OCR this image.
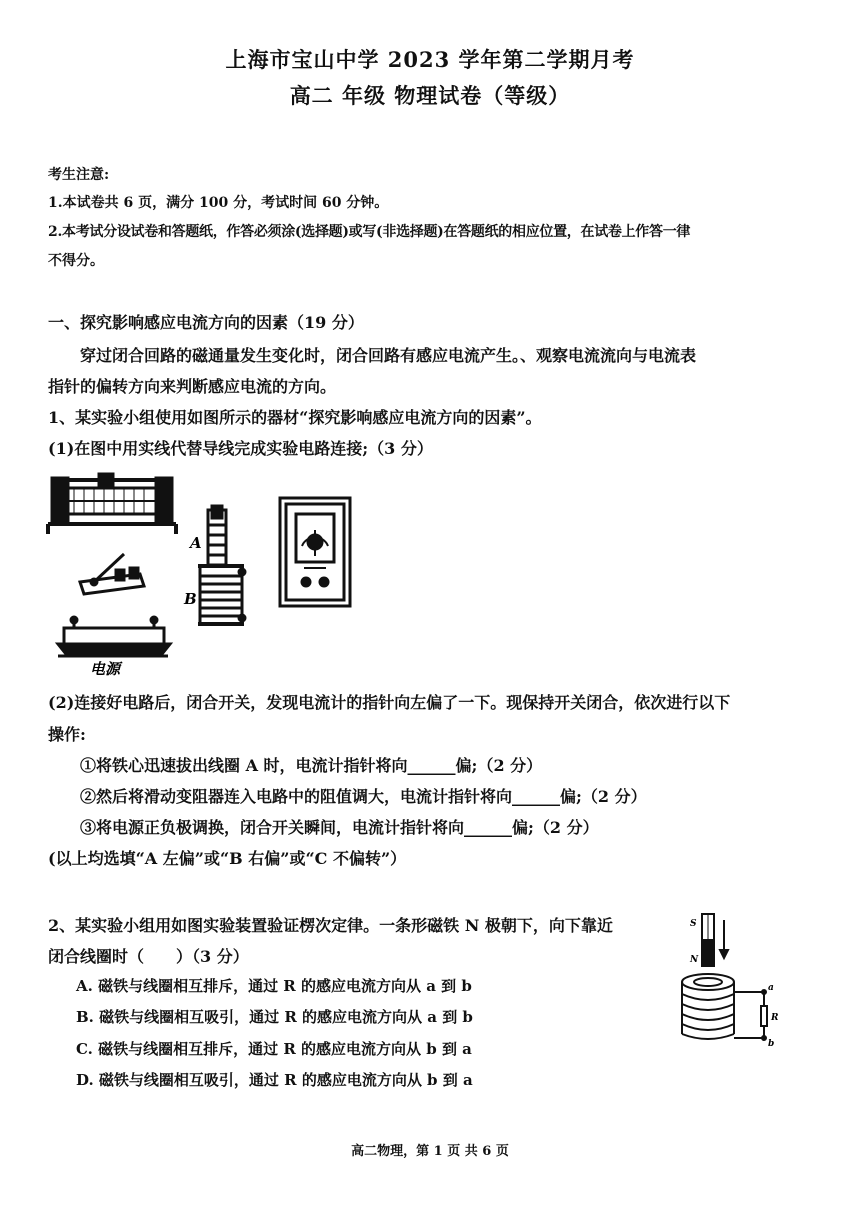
上海市宝山中学 2023 学年第二学期月考
高二 年级 物理试卷（等级）
考生注意:
1.本试卷共 6 页，满分 100 分，考试时间 60 分钟。
2.本考试分设试卷和答题纸，作答必须涂(选择题)或写(非选择题)在答题纸的相应位置，在试卷上作答一律
不得分。
一、探究影响感应电流方向的因素（19 分）
穿过闭合回路的磁通量发生变化时，闭合回路有感应电流产生。、观察电流流向与电流表
指针的偏转方向来判断感应电流的方向。
1、某实验小组使用如图所示的器材“探究影响感应电流方向的因素”。
(1)在图中用实线代替导线完成实验电路连接;（3 分）
电源
A
B
(2)连接好电路后，闭合开关，发现电流计的指针向左偏了一下。现保持开关闭合，依次进行以下
操作:
①将铁心迅速拔出线圈 A 时，电流计指针将向______偏;（2 分）
②然后将滑动变阻器连入电路中的阻值调大，电流计指针将向______偏;（2 分）
③将电源正负极调换，闭合开关瞬间，电流计指针将向______偏;（2 分）
(以上均选填“A 左偏”或“B 右偏”或“C 不偏转”）
2、某实验小组用如图实验装置验证楞次定律。一条形磁铁 N 极朝下，向下靠近
闭合线圈时（　　）（3 分）
A. 磁铁与线圈相互排斥，通过 R 的感应电流方向从 a 到 b
B. 磁铁与线圈相互吸引，通过 R 的感应电流方向从 a 到 b
C. 磁铁与线圈相互排斥，通过 R 的感应电流方向从 b 到 a
D. 磁铁与线圈相互吸引，通过 R 的感应电流方向从 b 到 a
S
N
a
b
R
高二物理，第 1 页 共 6 页
